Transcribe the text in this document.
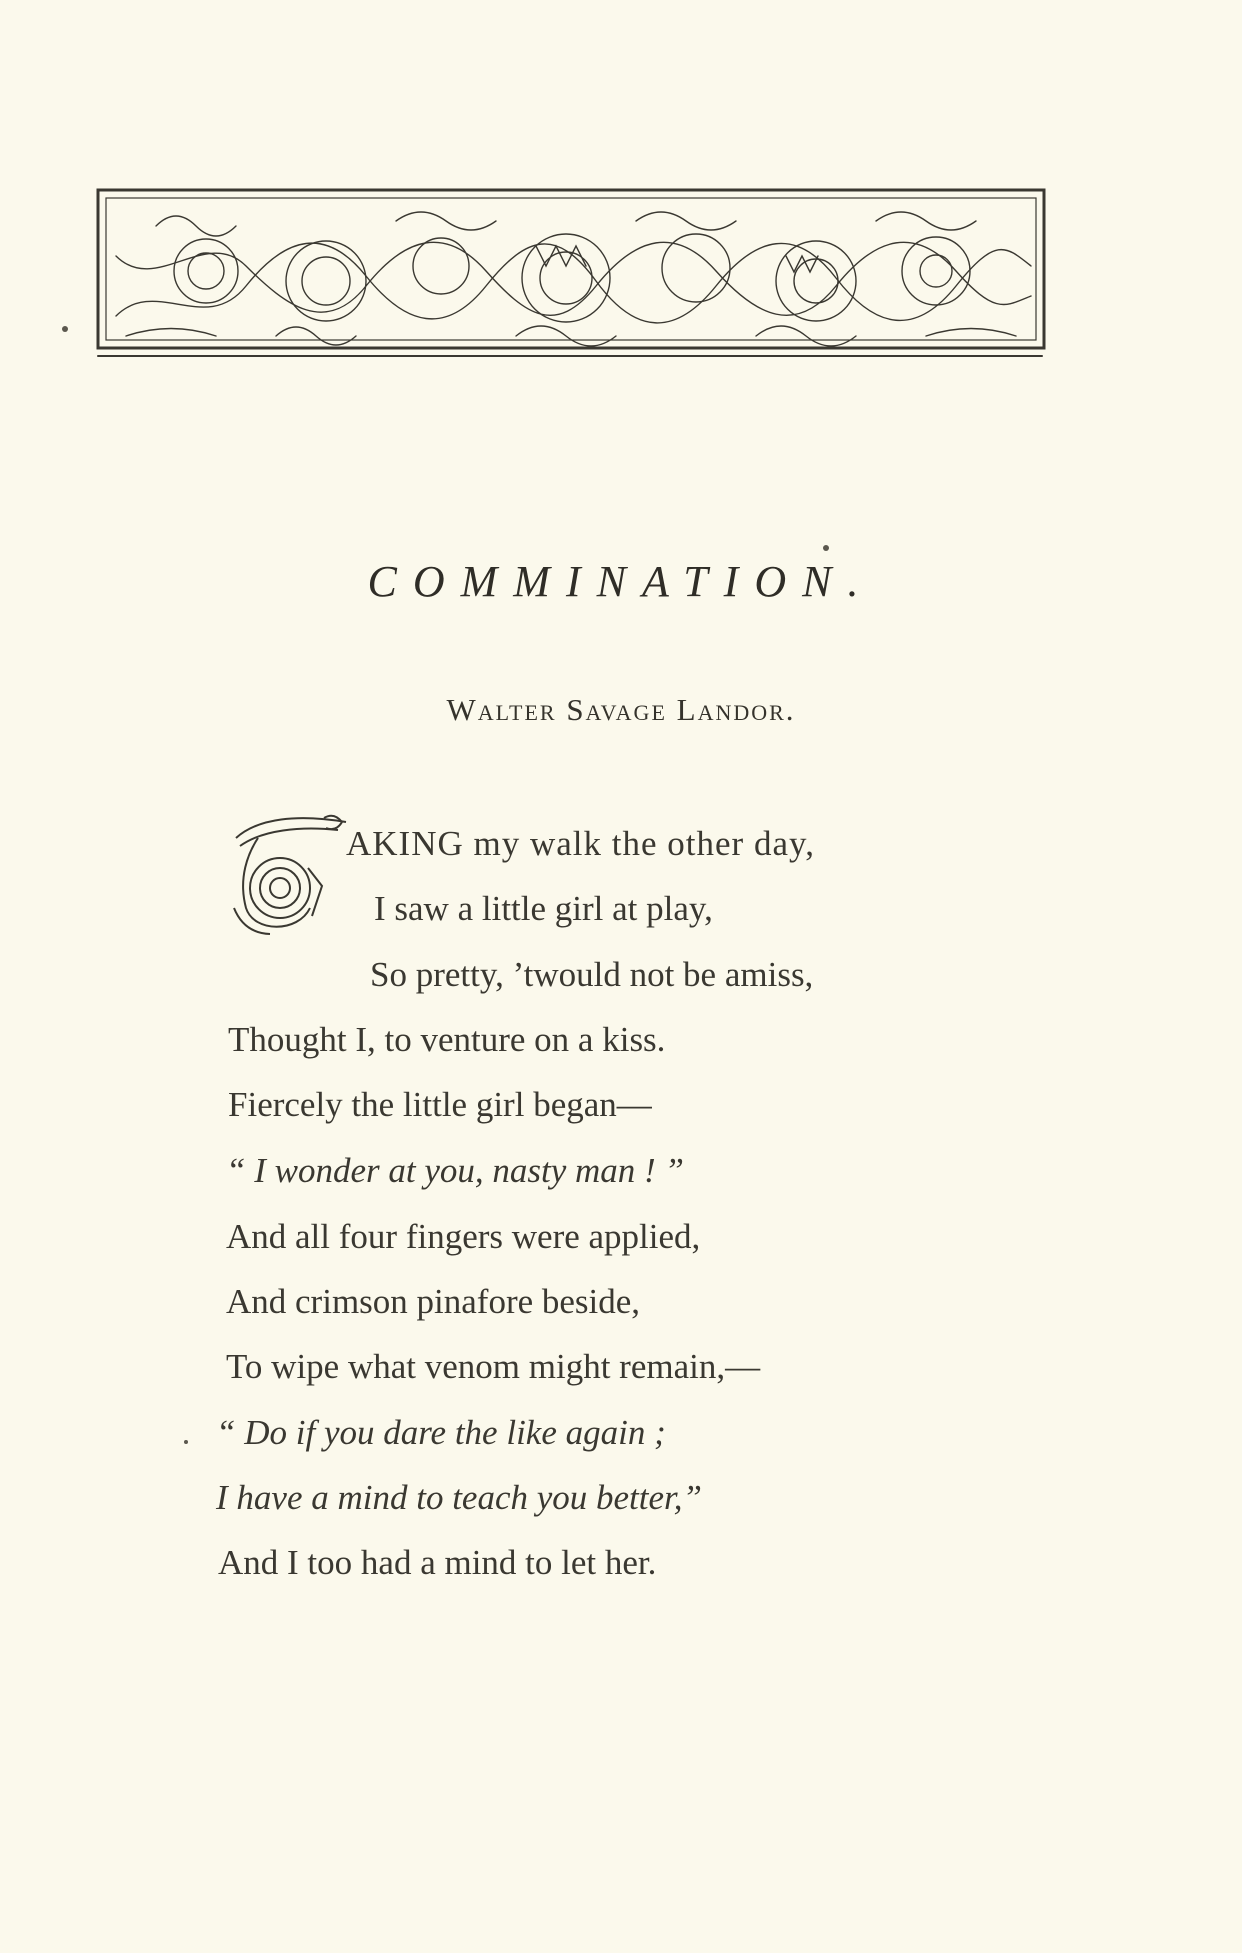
COMMINATION.
Walter Savage Landor.
AKING my walk the other day,
I saw a little girl at play,
So pretty, ’twould not be amiss,
Thought I, to venture on a kiss.
Fiercely the little girl began—
“ I wonder at you, nasty man ! ”
And all four fingers were applied,
And crimson pinafore beside,
To wipe what venom might remain,—
“ Do if you dare the like again ;
I have a mind to teach you better,”
And I too had a mind to let her.
